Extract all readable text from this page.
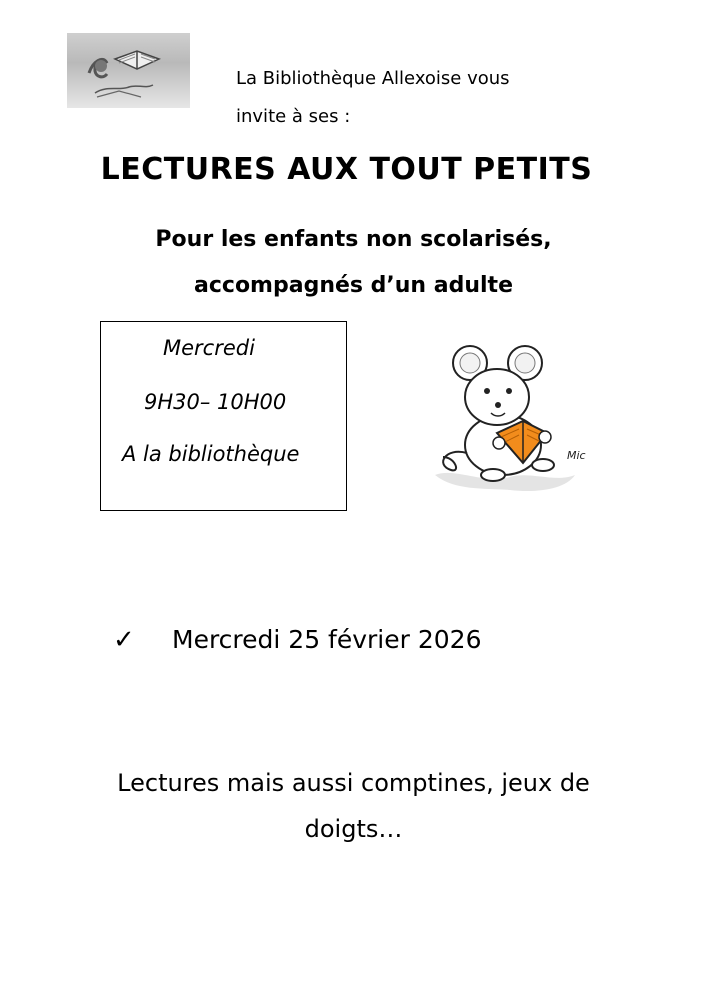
La Bibliothèque Allexoise vous
invite à ses :
LECTURES AUX TOUT PETITS
Pour les enfants non scolarisés,
accompagnés d’un adulte
Mercredi
9H30– 10H00
A la bibliothèque	Mic
✓ Mercredi 25 février 2026
Lectures mais aussi comptines, jeux de
doigts…
